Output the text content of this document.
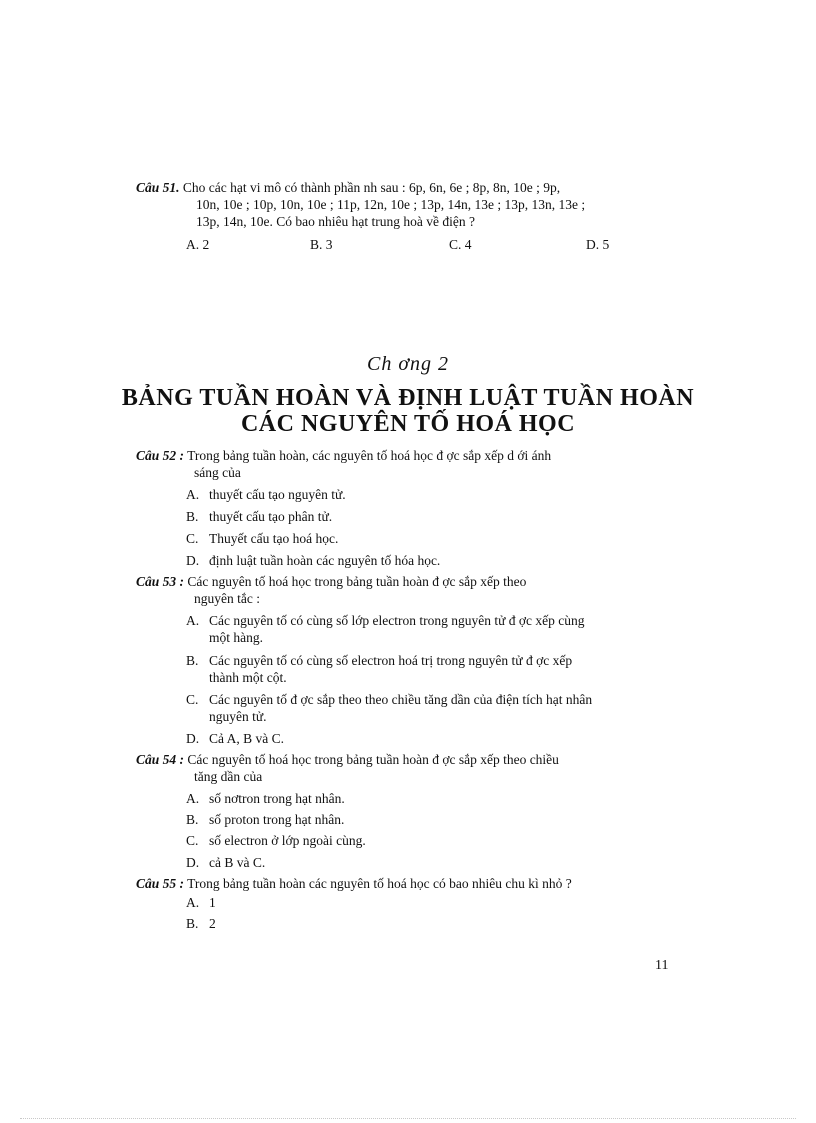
Câu 51. Cho các hạt vi mô có thành phần nh sau : 6p, 6n, 6e ; 8p, 8n, 10e ; 9p,
10n, 10e ; 10p, 10n, 10e ; 11p, 12n, 10e ; 13p, 14n, 13e ; 13p, 13n, 13e ;
13p, 14n, 10e. Có bao nhiêu hạt trung hoà về điện ?
A. 2	B. 3	C. 4	D. 5
Ch ơng 2
BẢNG TUẦN HOÀN VÀ ĐỊNH LUẬT TUẦN HOÀN
CÁC NGUYÊN TỐ HOÁ HỌC
Câu 52 : Trong bảng tuần hoàn, các nguyên tố hoá học đ ợc sắp xếp d ới ánh
sáng của
A. thuyết cấu tạo nguyên tử.
B. thuyết cấu tạo phân tử.
C. Thuyết cấu tạo hoá học.
D. định luật tuần hoàn các nguyên tố hóa học.
Câu 53 : Các nguyên tố hoá học trong bảng tuần hoàn đ ợc sắp xếp theo
nguyên tắc :
A. Các nguyên tố có cùng số lớp electron trong nguyên tử đ ợc xếp cùng
một hàng.
B. Các nguyên tố có cùng số electron hoá trị trong nguyên tử đ ợc xếp
thành một cột.
C. Các nguyên tố đ ợc sắp theo theo chiều tăng dần của điện tích hạt nhân
nguyên tử.
D. Cả A, B và C.
Câu 54 : Các nguyên tố hoá học trong bảng tuần hoàn đ ợc sắp xếp theo chiều
tăng dần của
A. số nơtron trong hạt nhân.
B. số proton trong hạt nhân.
C. số electron ở lớp ngoài cùng.
D. cả B và C.
Câu 55 : Trong bảng tuần hoàn các nguyên tố hoá học có bao nhiêu chu kì nhỏ ?
A. 1
B. 2
11
